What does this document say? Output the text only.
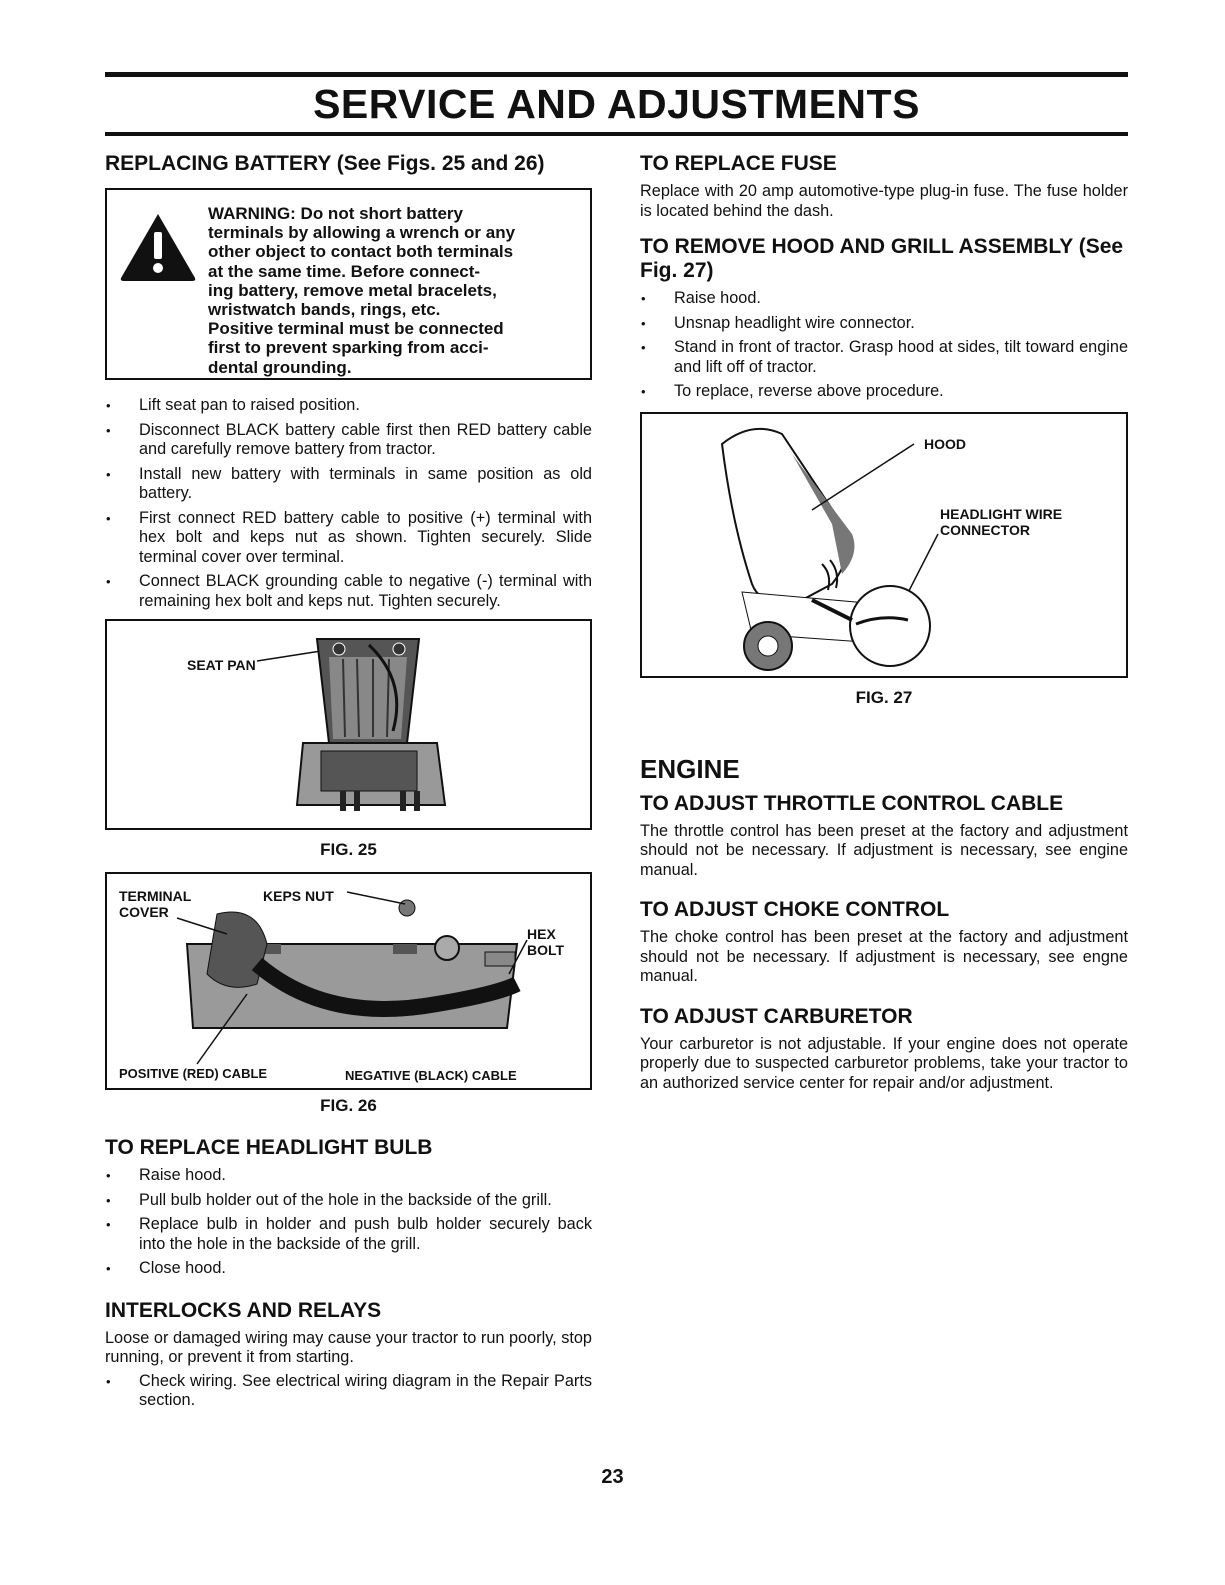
SERVICE AND ADJUSTMENTS
REPLACING BATTERY (See Figs. 25 and 26)
WARNING: Do not short battery
terminals by allowing a wrench or any
other object to contact both terminals
at the same time. Before connect-
ing battery, remove metal bracelets,
wristwatch bands, rings, etc.
Positive terminal must be connected
first to prevent sparking from acci-
dental grounding.
• Lift seat pan to raised position.
• Disconnect BLACK battery cable first then RED battery cable and carefully remove battery from tractor.
• Install new battery with terminals in same position as old battery.
• First connect RED battery cable to positive (+) terminal with hex bolt and keps nut as shown. Tighten securely. Slide terminal cover over terminal.
• Connect BLACK grounding cable to negative (-) terminal with remaining hex bolt and keps nut. Tighten securely.
SEAT PAN
FIG. 25
TERMINAL
COVER
KEPS NUT
HEX
BOLT
POSITIVE (RED) CABLE	NEGATIVE (BLACK) CABLE
FIG. 26
TO REPLACE HEADLIGHT BULB
• Raise hood.
• Pull bulb holder out of the hole in the backside of the grill.
• Replace bulb in holder and push bulb holder securely back into the hole in the backside of the grill.
• Close hood.
INTERLOCKS AND RELAYS

Loose or damaged wiring may cause your tractor to run poorly, stop running, or prevent it from starting.

• Check wiring. See electrical wiring diagram in the Repair Parts section.
TO REPLACE FUSE

Replace with 20 amp automotive-type plug-in fuse. The fuse holder is located behind the dash.

TO REMOVE HOOD AND GRILL ASSEMBLY (See Fig. 27)
• Raise hood.
• Unsnap headlight wire connector.
• Stand in front of tractor. Grasp hood at sides, tilt toward engine and lift off of tractor.
• To replace, reverse above procedure.
HOOD
HEADLIGHT WIRE
CONNECTOR
FIG. 27
ENGINE
TO ADJUST THROTTLE CONTROL CABLE

The throttle control has been preset at the factory and adjustment should not be necessary. If adjustment is necessary, see engine manual.

TO ADJUST CHOKE CONTROL

The choke control has been preset at the factory and adjustment should not be necessary. If adjustment is necessary, see engne manual.

TO ADJUST CARBURETOR

Your carburetor is not adjustable. If your engine does not operate properly due to suspected carburetor problems, take your tractor to an authorized service center for repair and/or adjustment.

23
